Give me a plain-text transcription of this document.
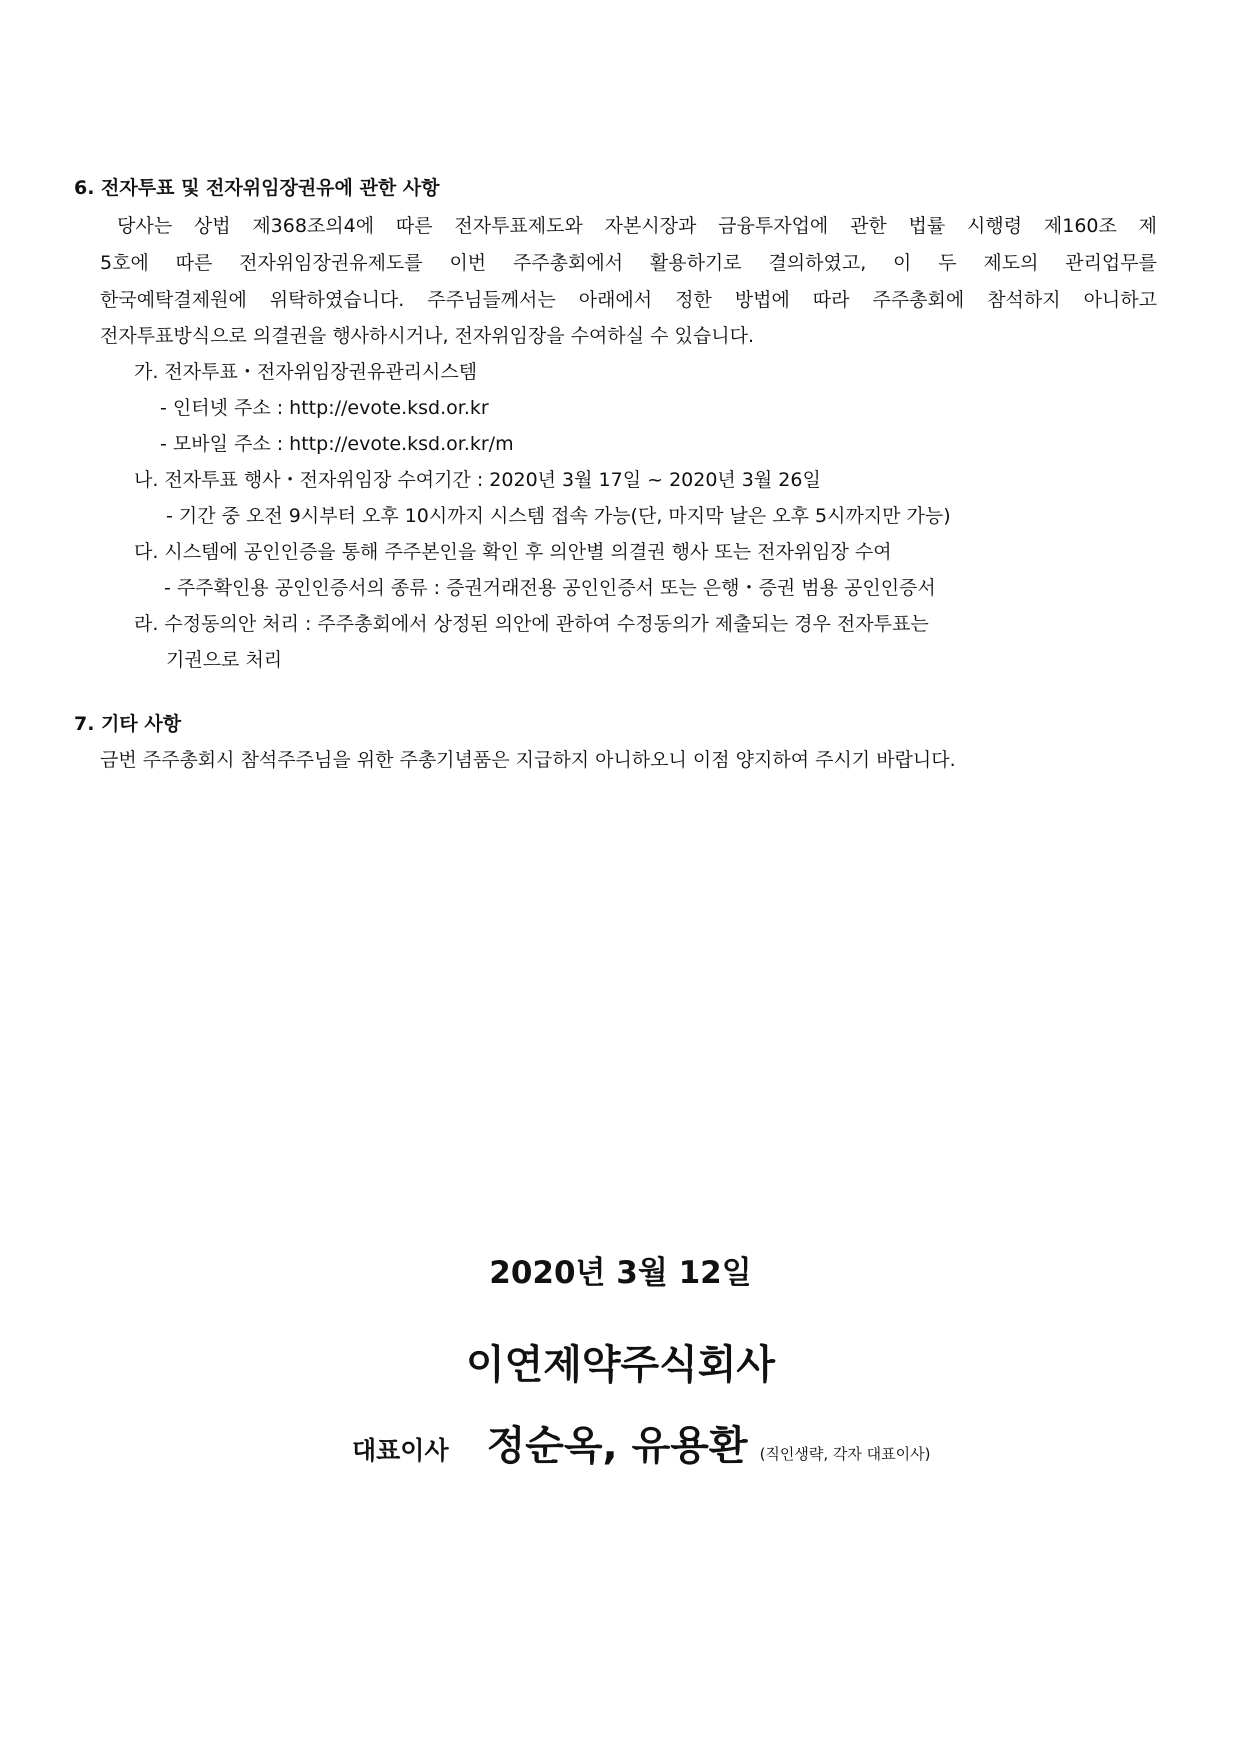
6. 전자투표 및 전자위임장권유에 관한 사항
당사는 상법 제368조의4에 따른 전자투표제도와 자본시장과 금융투자업에 관한 법률 시행령 제160조 제
5호에 따른 전자위임장권유제도를 이번 주주총회에서 활용하기로 결의하였고, 이 두 제도의 관리업무를
한국예탁결제원에 위탁하였습니다. 주주님들께서는 아래에서 정한 방법에 따라 주주총회에 참석하지 아니하고
전자투표방식으로 의결권을 행사하시거나, 전자위임장을 수여하실 수 있습니다.
가. 전자투표・전자위임장권유관리시스템
- 인터넷 주소 : http://evote.ksd.or.kr
- 모바일 주소 : http://evote.ksd.or.kr/m
나. 전자투표 행사・전자위임장 수여기간 : 2020년 3월 17일 ~ 2020년 3월 26일
- 기간 중 오전 9시부터 오후 10시까지 시스템 접속 가능(단, 마지막 날은 오후 5시까지만 가능)
다. 시스템에 공인인증을 통해 주주본인을 확인 후 의안별 의결권 행사 또는 전자위임장 수여
- 주주확인용 공인인증서의 종류 : 증권거래전용 공인인증서 또는 은행・증권 범용 공인인증서
라. 수정동의안 처리 : 주주총회에서 상정된 의안에 관하여 수정동의가 제출되는 경우 전자투표는
기권으로 처리
7. 기타 사항
금번 주주총회시 참석주주님을 위한 주총기념품은 지급하지 아니하오니 이점 양지하여 주시기 바랍니다.
2020년 3월 12일
이연제약주식회사
대표이사 정순옥, 유용환 (직인생략, 각자 대표이사)
